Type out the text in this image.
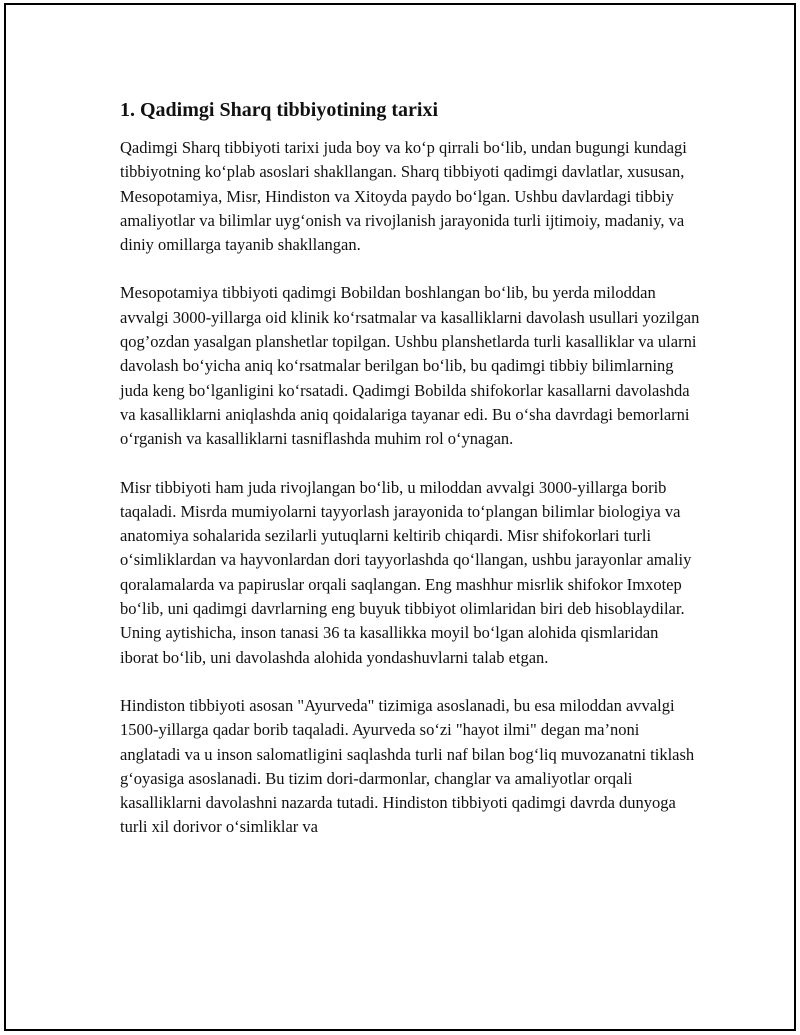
1. Qadimgi Sharq tibbiyotining tarixi

Qadimgi Sharq tibbiyoti tarixi juda boy va ko‘p qirrali bo‘lib, undan bugungi kundagi tibbiyotning ko‘plab asoslari shakllangan. Sharq tibbiyoti qadimgi davlatlar, xususan, Mesopotamiya, Misr, Hindiston va Xitoyda paydo bo‘lgan. Ushbu davlardagi tibbiy amaliyotlar va bilimlar uyg‘onish va rivojlanish jarayonida turli ijtimoiy, madaniy, va diniy omillarga tayanib shakllangan.

Mesopotamiya tibbiyoti qadimgi Bobildan boshlangan bo‘lib, bu yerda miloddan avvalgi 3000-yillarga oid klinik ko‘rsatmalar va kasalliklarni davolash usullari yozilgan qog’ozdan yasalgan planshetlar topilgan. Ushbu planshetlarda turli kasalliklar va ularni davolash bo‘yicha aniq ko‘rsatmalar berilgan bo‘lib, bu qadimgi tibbiy bilimlarning juda keng bo‘lganligini ko‘rsatadi. Qadimgi Bobilda shifokorlar kasallarni davolashda va kasalliklarni aniqlashda aniq qoidalariga tayanar edi. Bu o‘sha davrdagi bemorlarni o‘rganish va kasalliklarni tasniflashda muhim rol o‘ynagan.

Misr tibbiyoti ham juda rivojlangan bo‘lib, u miloddan avvalgi 3000-yillarga borib taqaladi. Misrda mumiyolarni tayyorlash jarayonida to‘plangan bilimlar biologiya va anatomiya sohalarida sezilarli yutuqlarni keltirib chiqardi. Misr shifokorlari turli o‘simliklardan va hayvonlardan dori tayyorlashda qo‘llangan, ushbu jarayonlar amaliy qoralamalarda va papiruslar orqali saqlangan. Eng mashhur misrlik shifokor Imxotep bo‘lib, uni qadimgi davrlarning eng buyuk tibbiyot olimlaridan biri deb hisoblaydilar. Uning aytishicha, inson tanasi 36 ta kasallikka moyil bo‘lgan alohida qismlaridan iborat bo‘lib, uni davolashda alohida yondashuvlarni talab etgan.

Hindiston tibbiyoti asosan "Ayurveda" tizimiga asoslanadi, bu esa miloddan avvalgi 1500-yillarga qadar borib taqaladi. Ayurveda so‘zi "hayot ilmi" degan ma’noni anglatadi va u inson salomatligini saqlashda turli naf bilan bog‘liq muvozanatni tiklash g‘oyasiga asoslanadi. Bu tizim dori-darmonlar, changlar va amaliyotlar orqali kasalliklarni davolashni nazarda tutadi. Hindiston tibbiyoti qadimgi davrda dunyoga turli xil dorivor o‘simliklar va
